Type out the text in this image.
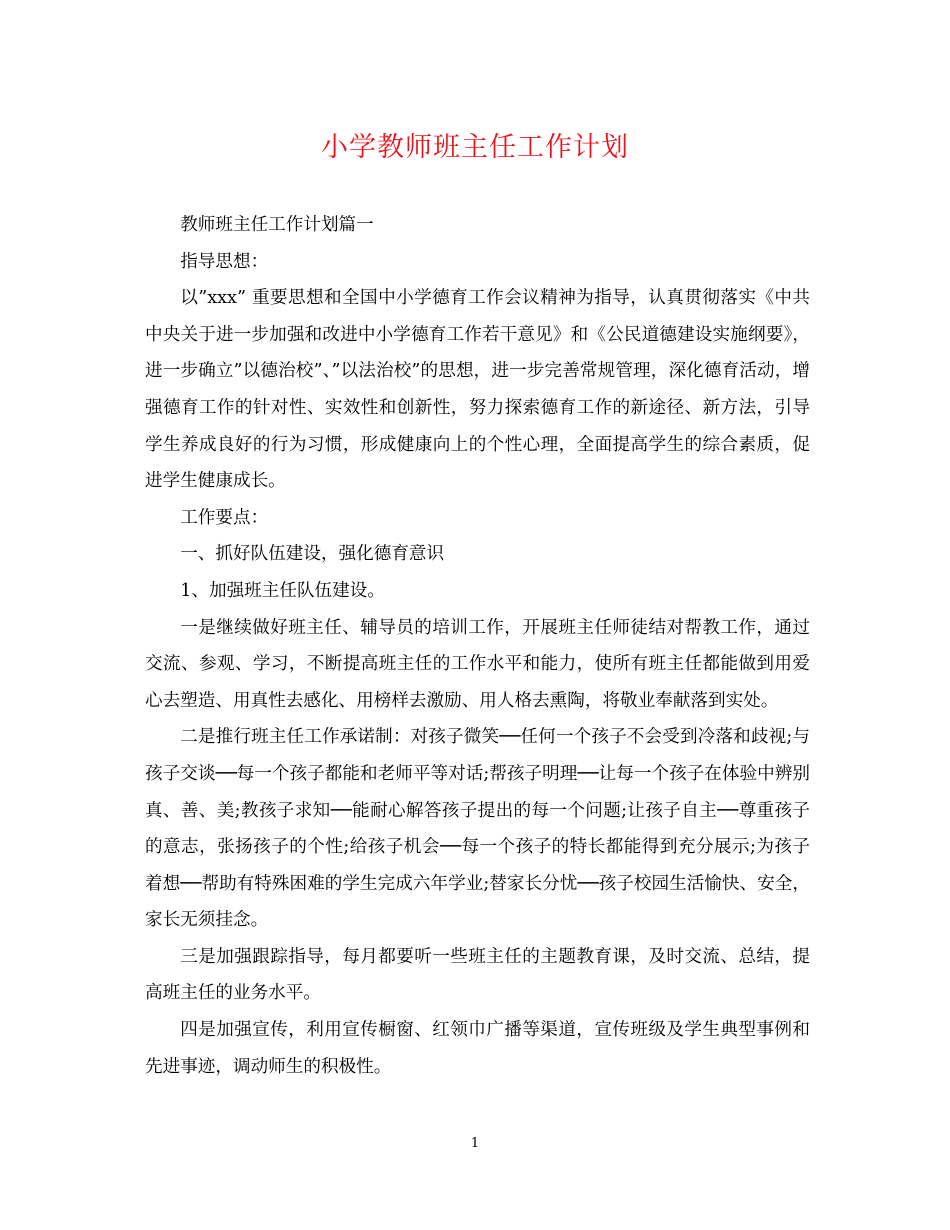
小学教师班主任工作计划

教师班主任工作计划篇一

指导思想：

以”xxx” 重要思想和全国中小学德育工作会议精神为指导，认真贯彻落实《中共中央关于进一步加强和改进中小学德育工作若干意见》和《公民道德建设实施纲要》，进一步确立”以德治校”、”以法治校”的思想，进一步完善常规管理，深化德育活动，增强德育工作的针对性、实效性和创新性，努力探索德育工作的新途径、新方法，引导学生养成良好的行为习惯，形成健康向上的个性心理，全面提高学生的综合素质，促进学生健康成长。

工作要点：

一、抓好队伍建设，强化德育意识

1、加强班主任队伍建设。

一是继续做好班主任、辅导员的培训工作，开展班主任师徒结对帮教工作，通过交流、参观、学习，不断提高班主任的工作水平和能力，使所有班主任都能做到用爱心去塑造、用真性去感化、用榜样去激励、用人格去熏陶，将敬业奉献落到实处。

二是推行班主任工作承诺制：对孩子微笑──任何一个孩子不会受到冷落和歧视;与孩子交谈──每一个孩子都能和老师平等对话;帮孩子明理──让每一个孩子在体验中辨别真、善、美;教孩子求知──能耐心解答孩子提出的每一个问题;让孩子自主──尊重孩子的意志，张扬孩子的个性;给孩子机会──每一个孩子的特长都能得到充分展示;为孩子着想──帮助有特殊困难的学生完成六年学业;替家长分忧──孩子校园生活愉快、安全，家长无须挂念。

三是加强跟踪指导，每月都要听一些班主任的主题教育课，及时交流、总结，提高班主任的业务水平。

四是加强宣传，利用宣传橱窗、红领巾广播等渠道，宣传班级及学生典型事例和先进事迹，调动师生的积极性。

1
